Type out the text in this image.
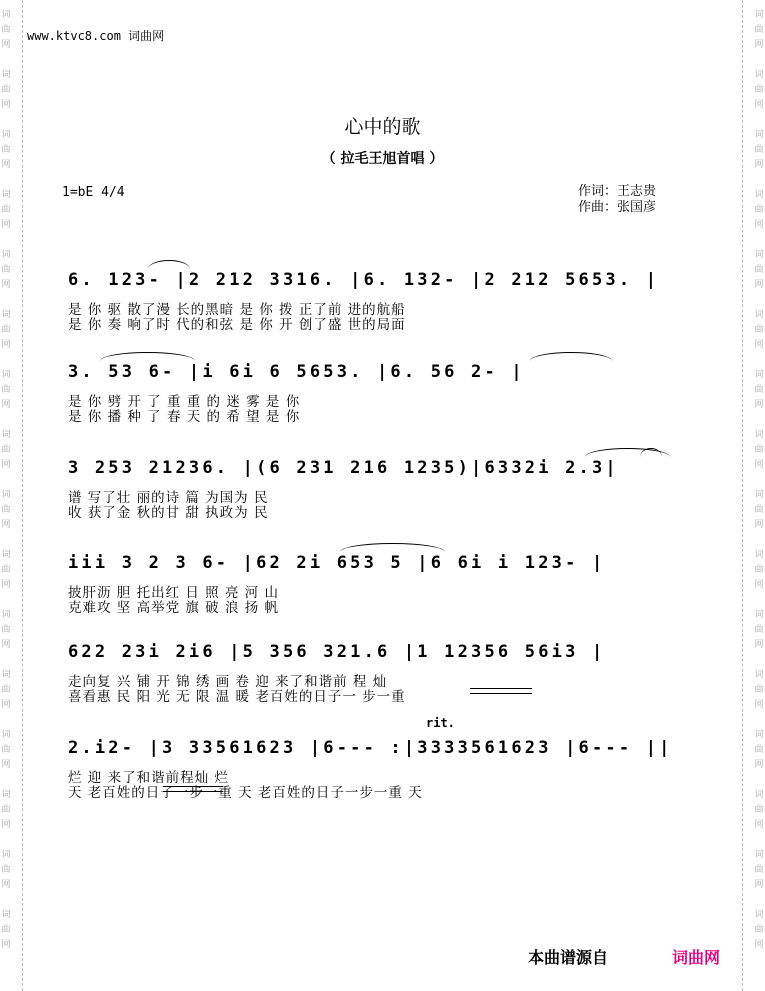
词曲网
词曲网
词曲网
词曲网
词曲网
词曲网
词曲网
词曲网
词曲网
词曲网
词曲网
词曲网
词曲网
词曲网
词曲网
词曲网
词曲网
词曲网
词曲网
词曲网
词曲网
词曲网
词曲网
词曲网
词曲网
词曲网
词曲网
词曲网
词曲网
词曲网
词曲网
词曲网
www.ktvc8.com 词曲网
心中的歌
（ 拉毛王旭首唱 ）
1=bE 4/4	作词：王志贵
作曲：张国彦
6. 123- |2 212 3316. |6. 132- |2 212 5653. |
是 你 驱 散了漫 长的黑暗 是 你 拨 正了前 进的航船
是 你 奏 响了时 代的和弦 是 你 开 创了盛 世的局面
3. 53 6- |i 6i 6 5653. |6. 56 2- |
是 你 劈 开 了 重 重 的 迷 雾 是 你
是 你 播 种 了 春 天 的 希 望 是 你
3 253 21236. |(6 231 216 1235)|6332i 2.3|
谱 写了壮 丽的诗 篇 为国为 民
收 获了金 秋的甘 甜 执政为 民
iii 3 2 3 6- |62 2i 653 5 |6 6i i 123- |
披肝沥 胆 托出红 日 照 亮 河 山
克难攻 坚 高举党 旗 破 浪 扬 帆
622 23i 2i6 |5 356 321.6 |1 12356 56i3 |
走向复 兴 铺 开 锦 绣 画 卷 迎 来了和谐前 程 灿
喜看惠 民 阳 光 无 限 温 暖 老百姓的日子一 步一重
2.i2- |3 33561623 |6--- :|3333561623 |6--- ||
烂 迎 来了和谐前程灿 烂
天 老百姓的日子一步一重 天 老百姓的日子一步一重 天
rit.
本曲谱源自	词曲网
